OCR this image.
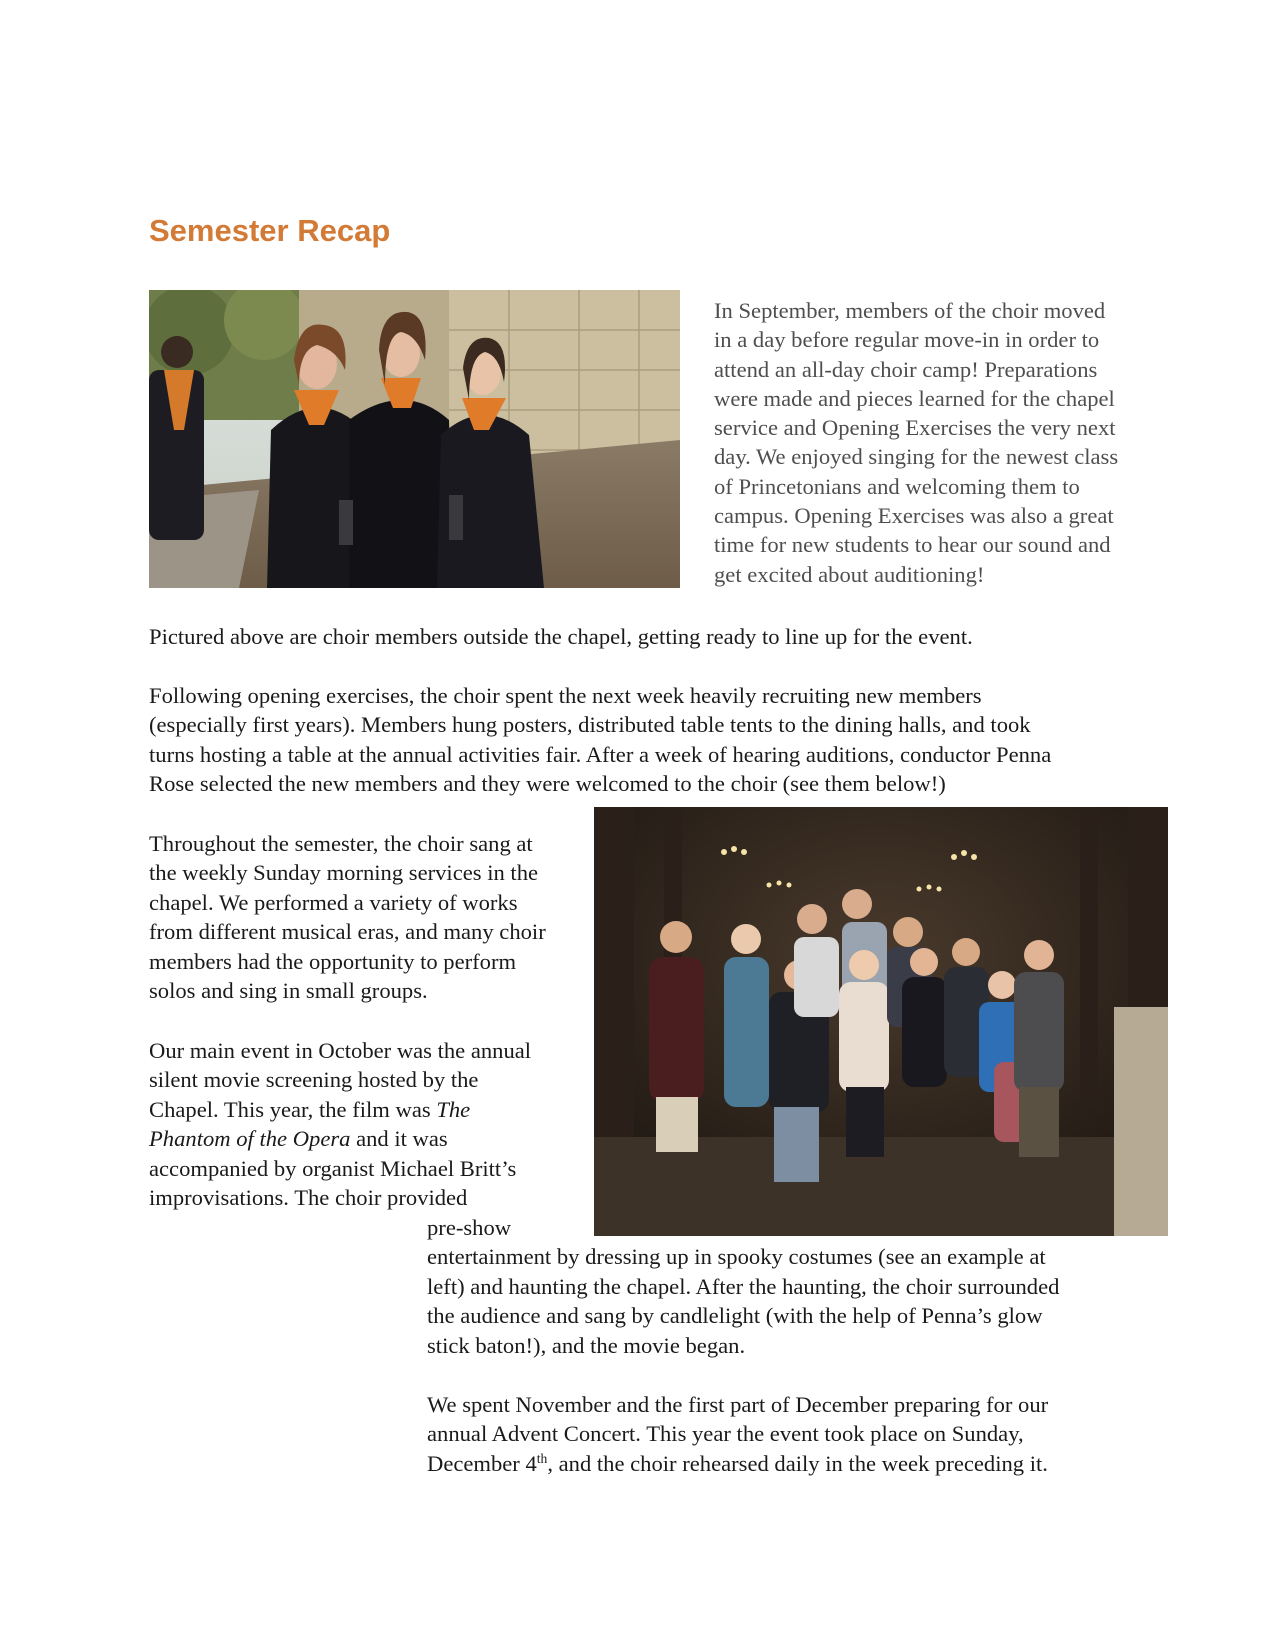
Semester Recap

In September, members of the choir moved
in a day before regular move-in in order to
attend an all-day choir camp! Preparations
were made and pieces learned for the chapel
service and Opening Exercises the very next
day. We enjoyed singing for the newest class
of Princetonians and welcoming them to
campus. Opening Exercises was also a great
time for new students to hear our sound and
get excited about auditioning!

Pictured above are choir members outside the chapel, getting ready to line up for the event.

Following opening exercises, the choir spent the next week heavily recruiting new members
(especially first years). Members hung posters, distributed table tents to the dining halls, and took
turns hosting a table at the annual activities fair. After a week of hearing auditions, conductor Penna
Rose selected the new members and they were welcomed to the choir (see them below!)

Throughout the semester, the choir sang at
the weekly Sunday morning services in the
chapel. We performed a variety of works
from different musical eras, and many choir
members had the opportunity to perform
solos and sing in small groups.

Our main event in October was the annual
silent movie screening hosted by the
Chapel. This year, the film was The
Phantom of the Opera and it was
accompanied by organist Michael Britt’s
improvisations. The choir provided

pre-show
entertainment by dressing up in spooky costumes (see an example at
left) and haunting the chapel. After the haunting, the choir surrounded
the audience and sang by candlelight (with the help of Penna’s glow
stick baton!), and the movie began.

We spent November and the first part of December preparing for our
annual Advent Concert. This year the event took place on Sunday,
December 4th, and the choir rehearsed daily in the week preceding it.
